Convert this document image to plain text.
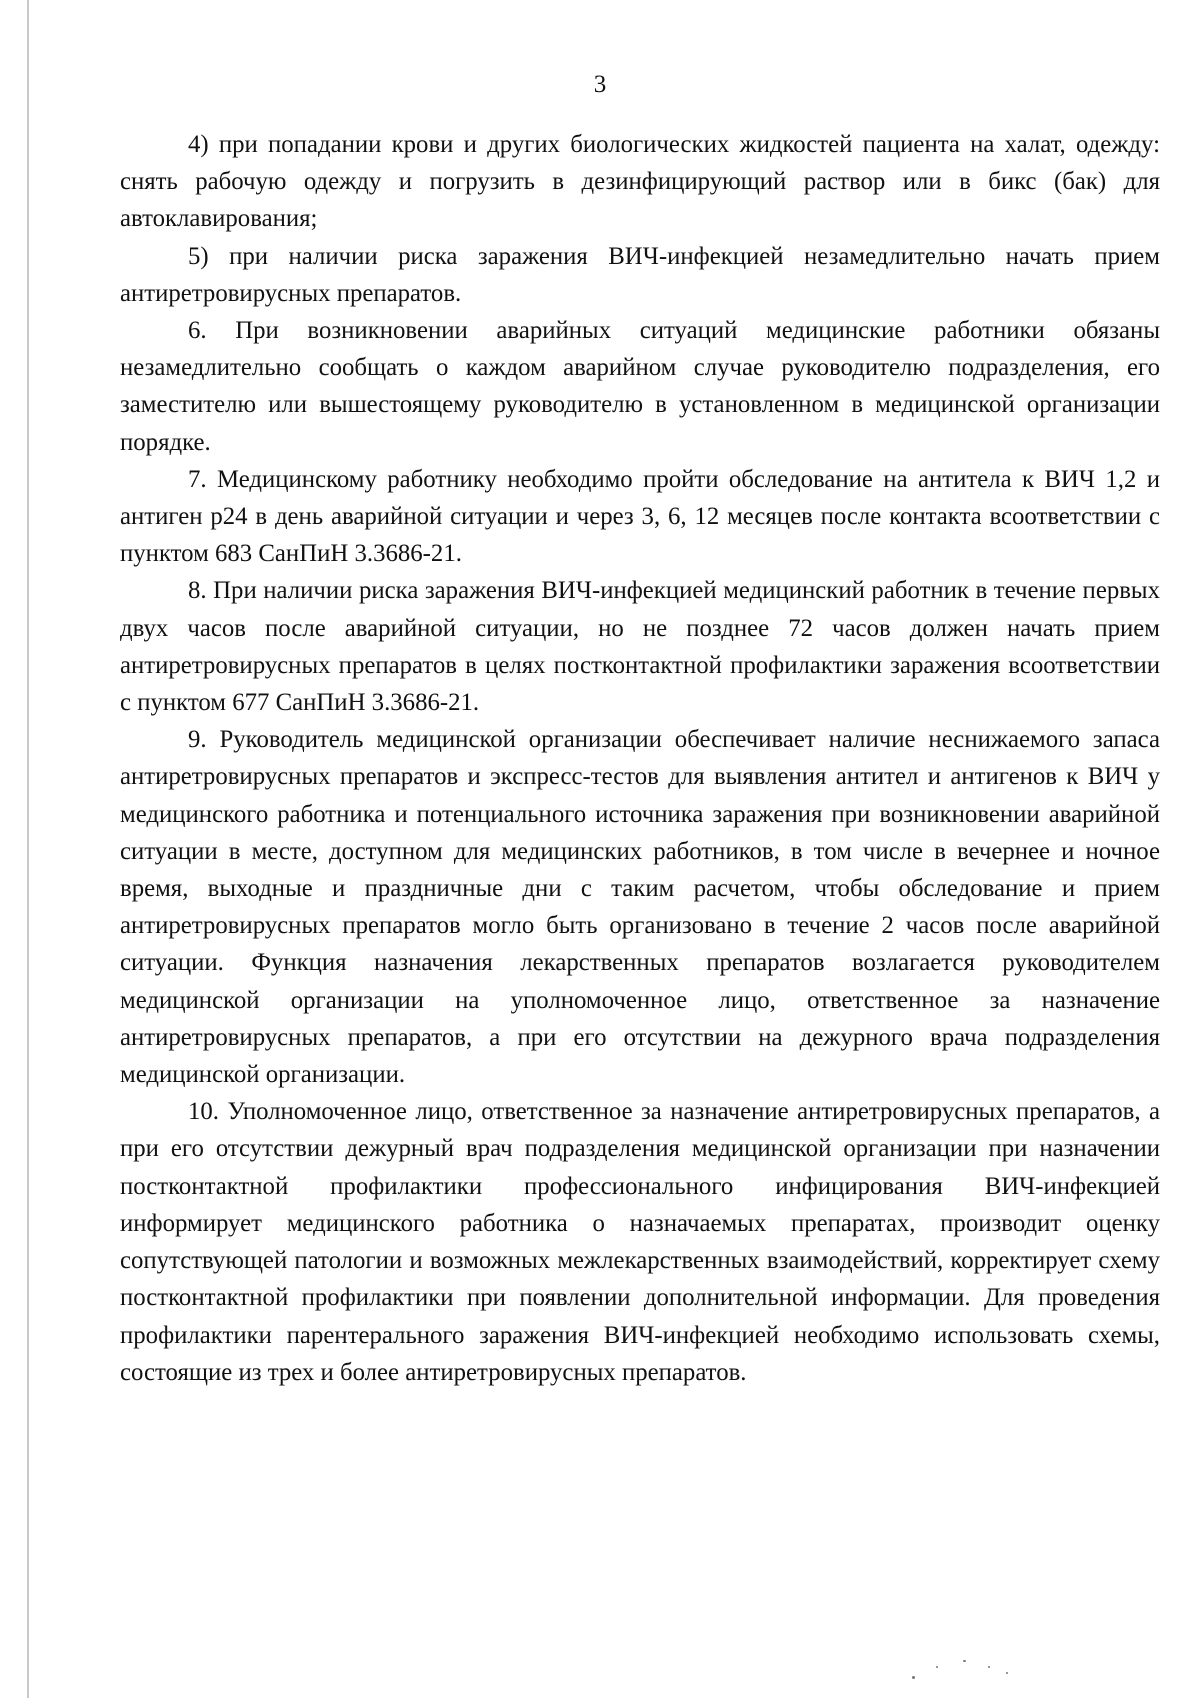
3

4) при попадании крови и других биологических жидкостей пациента на халат, одежду: снять рабочую одежду и погрузить в дезинфицирующий раствор или в бикс (бак) для автоклавирования;

5) при наличии риска заражения ВИЧ-инфекцией незамедлительно начать прием антиретровирусных препаратов.

6. При возникновении аварийных ситуаций медицинские работники обязаны незамедлительно сообщать о каждом аварийном случае руководителю подразделения, его заместителю или вышестоящему руководителю в установленном в медицинской организации порядке.

7. Медицинскому работнику необходимо пройти обследование на антитела к ВИЧ 1,2 и антиген p24 в день аварийной ситуации и через 3, 6, 12 месяцев после контакта всоответствии с пунктом 683 СанПиН 3.3686-21.

8. При наличии риска заражения ВИЧ-инфекцией медицинский работник в течение первых двух часов после аварийной ситуации, но не позднее 72 часов должен начать прием антиретровирусных препаратов в целях постконтактной профилактики заражения всоответствии с пунктом 677 СанПиН 3.3686-21.

9. Руководитель медицинской организации обеспечивает наличие неснижаемого запаса антиретровирусных препаратов и экспресс-тестов для выявления антител и антигенов к ВИЧ у медицинского работника и потенциального источника заражения при возникновении аварийной ситуации в месте, доступном для медицинских работников, в том числе в вечернее и ночное время, выходные и праздничные дни с таким расчетом, чтобы обследование и прием антиретровирусных препаратов могло быть организовано в течение 2 часов после аварийной ситуации. Функция назначения лекарственных препаратов возлагается руководителем медицинской организации на уполномоченное лицо, ответственное за назначение антиретровирусных препаратов, а при его отсутствии на дежурного врача подразделения медицинской организации.

10. Уполномоченное лицо, ответственное за назначение антиретровирусных препаратов, а при его отсутствии дежурный врач подразделения медицинской организации при назначении постконтактной профилактики профессионального инфицирования ВИЧ-инфекцией информирует медицинского работника о назначаемых препаратах, производит оценку сопутствующей патологии и возможных межлекарственных взаимодействий, корректирует схему постконтактной профилактики при появлении дополнительной информации. Для проведения профилактики парентерального заражения ВИЧ-инфекцией необходимо использовать схемы, состоящие из трех и более антиретровирусных препаратов.
